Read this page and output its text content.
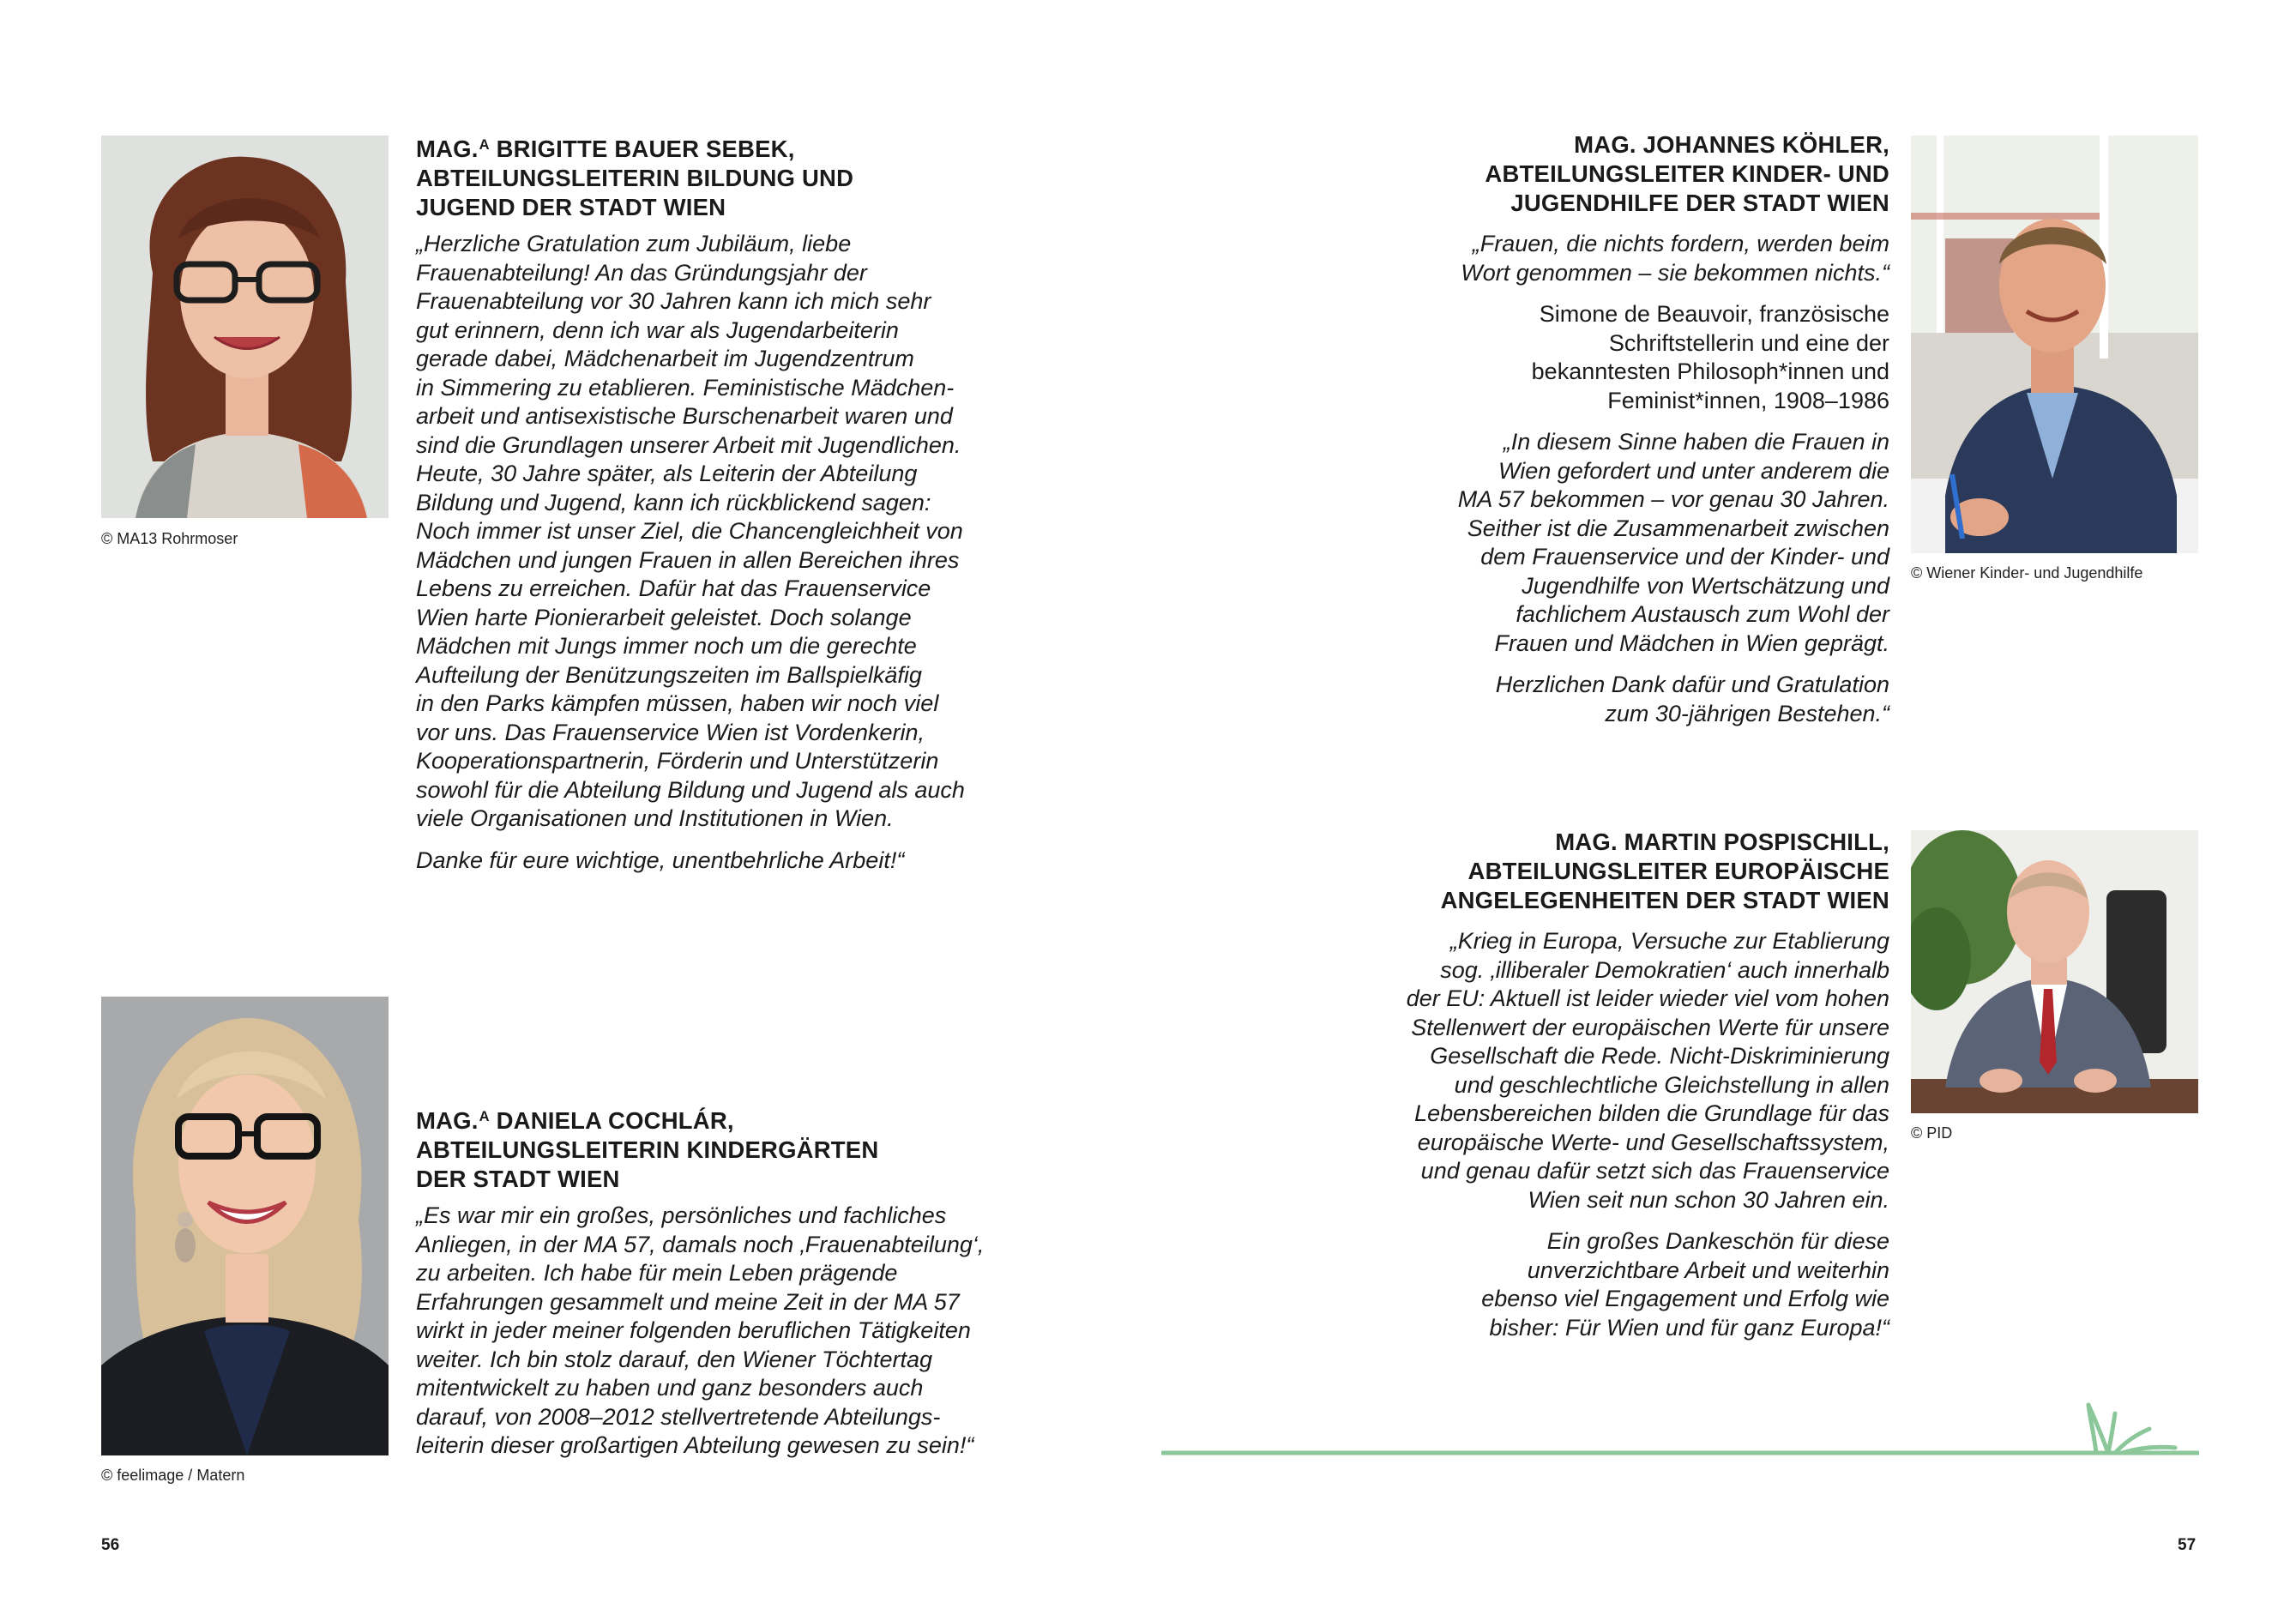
© MA13 Rohrmoser
MAG.$^A$ BRIGITTE BAUER SEBEK,
ABTEILUNGSLEITERIN BILDUNG UND
JUGEND DER STADT WIEN

„Herzliche Gratulation zum Jubiläum, liebe
Frauenabteilung! An das Gründungsjahr der
Frauenabteilung vor 30 Jahren kann ich mich sehr
gut erinnern, denn ich war als Jugendarbeiterin
gerade dabei, Mädchenarbeit im Jugendzentrum
in Simmering zu etablieren. Feministische Mädchen-
arbeit und antisexistische Burschenarbeit waren und
sind die Grundlagen unserer Arbeit mit Jugendlichen.
Heute, 30 Jahre später, als Leiterin der Abteilung
Bildung und Jugend, kann ich rückblickend sagen:
Noch immer ist unser Ziel, die Chancengleichheit von
Mädchen und jungen Frauen in allen Bereichen ihres
Lebens zu erreichen. Dafür hat das Frauenservice
Wien harte Pionierarbeit geleistet. Doch solange
Mädchen mit Jungs immer noch um die gerechte
Aufteilung der Benützungszeiten im Ballspielkäfig
in den Parks kämpfen müssen, haben wir noch viel
vor uns. Das Frauenservice Wien ist Vordenkerin,
Kooperationspartnerin, Förderin und Unterstützerin
sowohl für die Abteilung Bildung und Jugend als auch
viele Organisationen und Institutionen in Wien.

Danke für eure wichtige, unentbehrliche Arbeit!“

© feelimage / Matern
MAG.$^A$ DANIELA COCHLÁR,
ABTEILUNGSLEITERIN KINDERGÄRTEN
DER STADT WIEN

„Es war mir ein großes, persönliches und fachliches
Anliegen, in der MA 57, damals noch ‚Frauenabteilung‘,
zu arbeiten. Ich habe für mein Leben prägende
Erfahrungen gesammelt und meine Zeit in der MA 57
wirkt in jeder meiner folgenden beruflichen Tätigkeiten
weiter. Ich bin stolz darauf, den Wiener Töchtertag
mitentwickelt zu haben und ganz besonders auch
darauf, von 2008–2012 stellvertretende Abteilungs-
leiterin dieser großartigen Abteilung gewesen zu sein!“

56
MAG. JOHANNES KÖHLER,
ABTEILUNGSLEITER KINDER- UND
JUGENDHILFE DER STADT WIEN

„Frauen, die nichts fordern, werden beim
Wort genommen – sie bekommen nichts.“

Simone de Beauvoir, französische
Schriftstellerin und eine der
bekanntesten Philosoph*innen und
Feminist*innen, 1908–1986

„In diesem Sinne haben die Frauen in
Wien gefordert und unter anderem die
MA 57 bekommen – vor genau 30 Jahren.
Seither ist die Zusammenarbeit zwischen
dem Frauenservice und der Kinder- und
Jugendhilfe von Wertschätzung und
fachlichem Austausch zum Wohl der
Frauen und Mädchen in Wien geprägt.

Herzlichen Dank dafür und Gratulation
zum 30-jährigen Bestehen.“

© Wiener Kinder- und Jugendhilfe
MAG. MARTIN POSPISCHILL,
ABTEILUNGSLEITER EUROPÄISCHE
ANGELEGENHEITEN DER STADT WIEN

„Krieg in Europa, Versuche zur Etablierung
sog. ‚illiberaler Demokratien‘ auch innerhalb
der EU: Aktuell ist leider wieder viel vom hohen
Stellenwert der europäischen Werte für unsere
Gesellschaft die Rede. Nicht-Diskriminierung
und geschlechtliche Gleichstellung in allen
Lebensbereichen bilden die Grundlage für das
europäische Werte- und Gesellschaftssystem,
und genau dafür setzt sich das Frauenservice
Wien seit nun schon 30 Jahren ein.

Ein großes Dankeschön für diese
unverzichtbare Arbeit und weiterhin
ebenso viel Engagement und Erfolg wie
bisher: Für Wien und für ganz Europa!“

© PID
57
